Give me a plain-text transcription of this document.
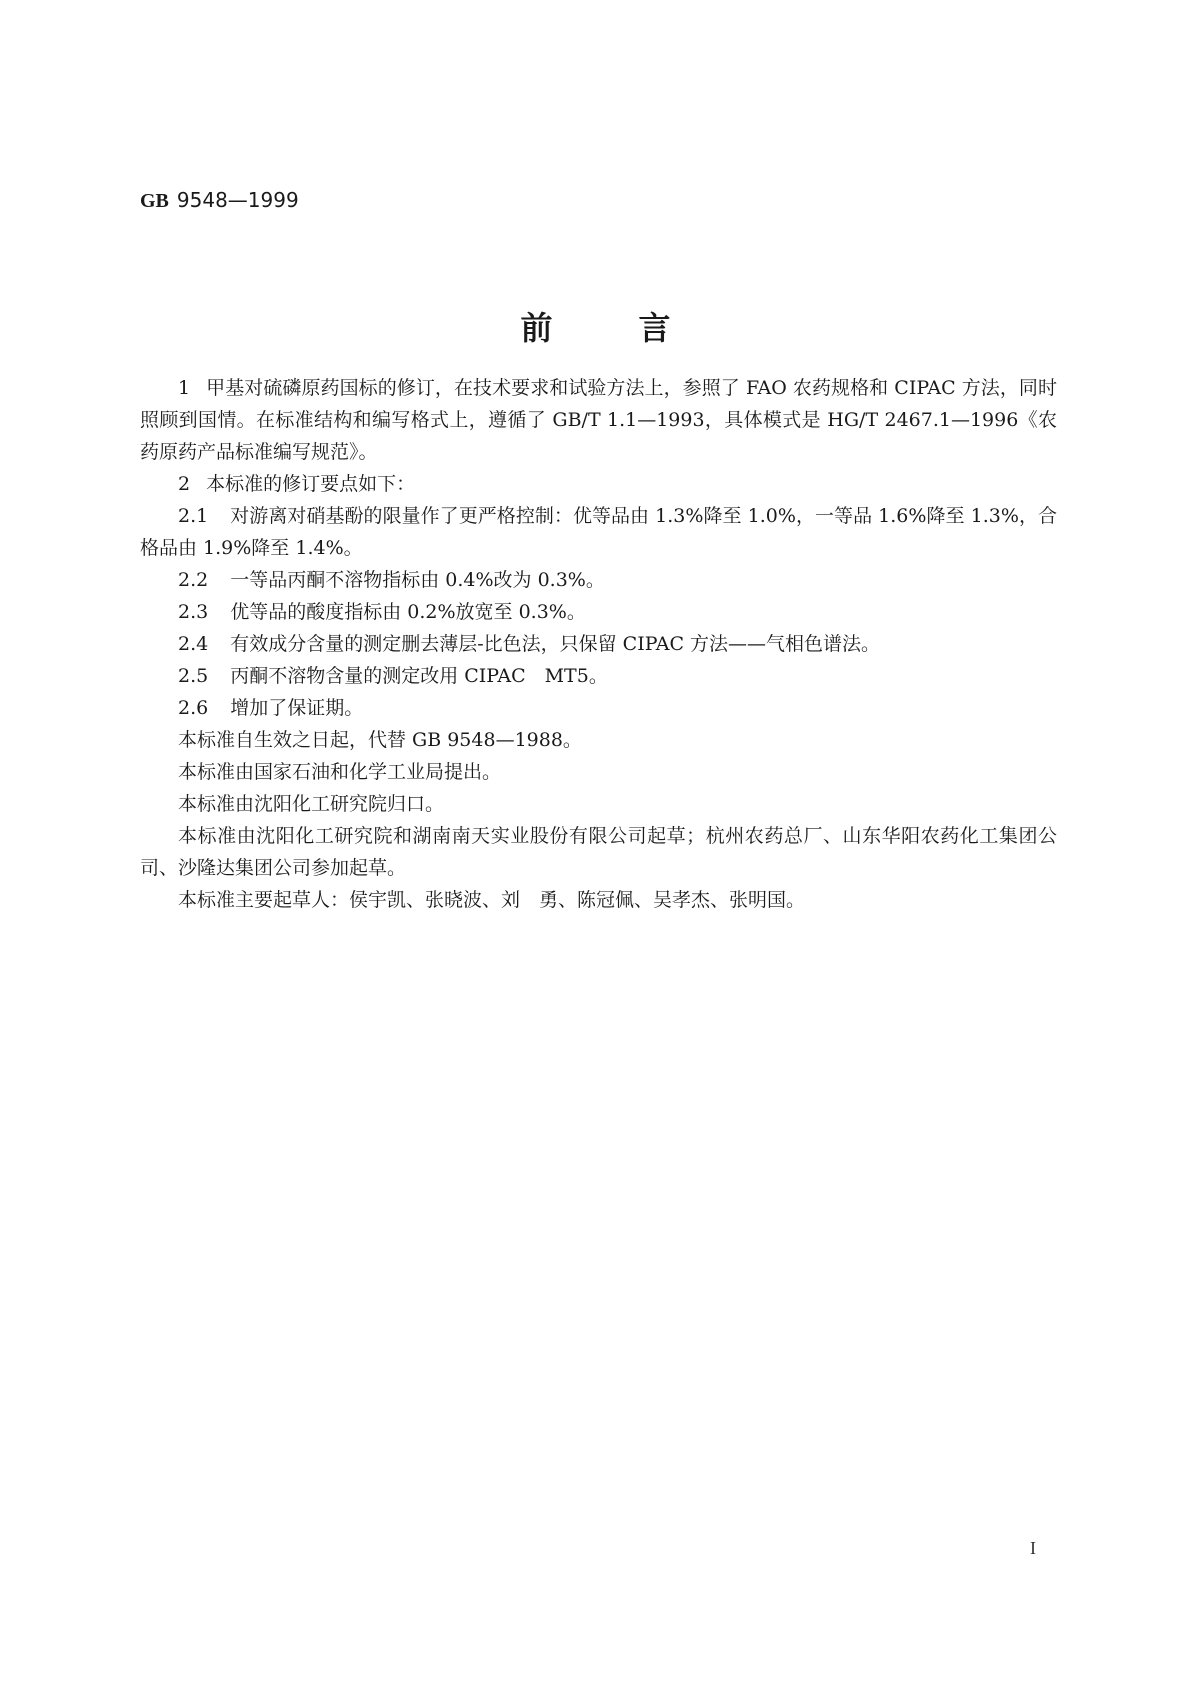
GB 9548—1999
前言

1 甲基对硫磷原药国标的修订，在技术要求和试验方法上，参照了 FAO 农药规格和 CIPAC 方法，同时照顾到国情。在标准结构和编写格式上，遵循了 GB/T 1.1—1993，具体模式是 HG/T 2467.1—1996《农药原药产品标准编写规范》。

2 本标准的修订要点如下：

2.1 对游离对硝基酚的限量作了更严格控制：优等品由 1.3%降至 1.0%，一等品 1.6%降至 1.3%，合格品由 1.9%降至 1.4%。

2.2 一等品丙酮不溶物指标由 0.4%改为 0.3%。

2.3 优等品的酸度指标由 0.2%放宽至 0.3%。

2.4 有效成分含量的测定删去薄层-比色法，只保留 CIPAC 方法——气相色谱法。

2.5 丙酮不溶物含量的测定改用 CIPAC　MT5。

2.6 增加了保证期。

本标准自生效之日起，代替 GB 9548—1988。

本标准由国家石油和化学工业局提出。

本标准由沈阳化工研究院归口。

本标准由沈阳化工研究院和湖南南天实业股份有限公司起草；杭州农药总厂、山东华阳农药化工集团公司、沙隆达集团公司参加起草。

本标准主要起草人：侯宇凯、张晓波、刘　勇、陈冠佩、吴孝杰、张明国。

I
